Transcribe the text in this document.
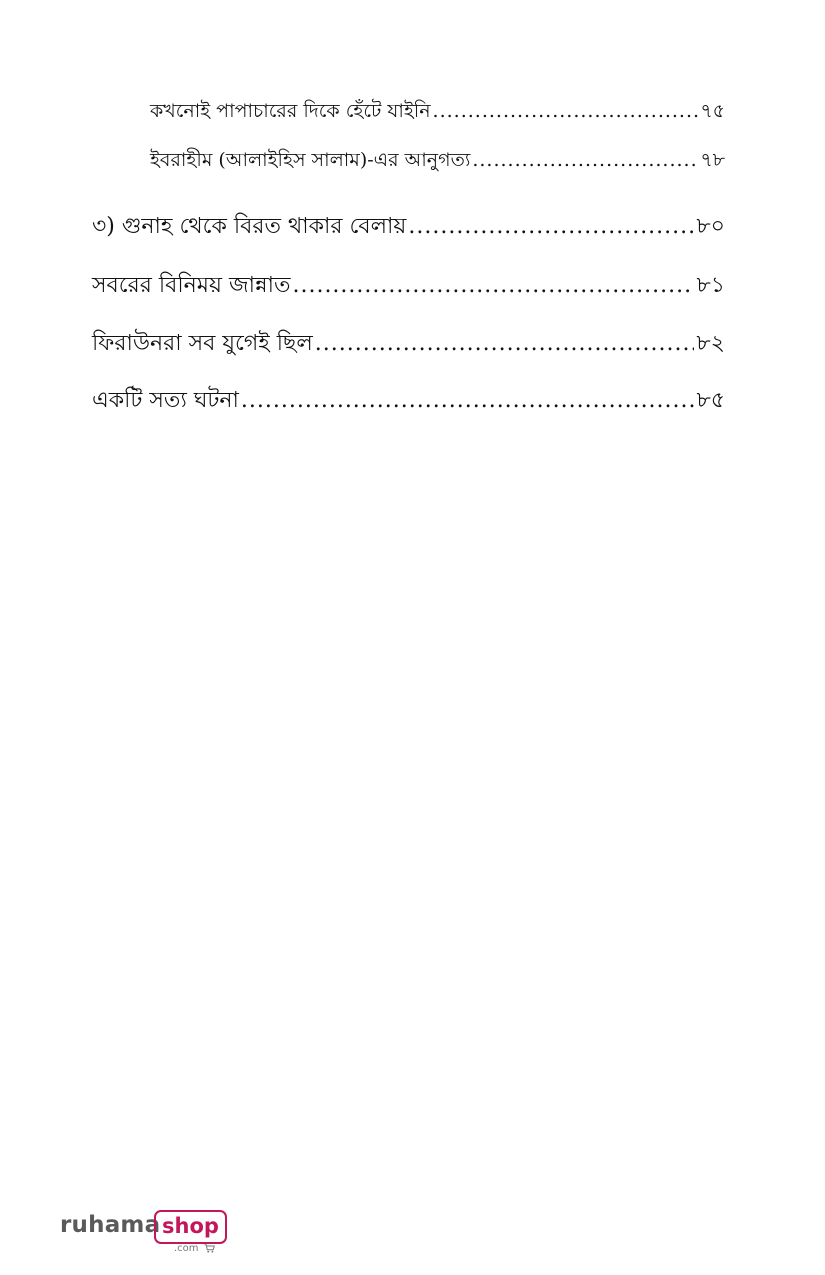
কখনোই পাপাচারের দিকে হেঁটে যাইনি .....	৭৫
ইবরাহীম (আলাইহিস সালাম)-এর আনুগত্য .....	৭৮
৩) গুনাহ থেকে বিরত থাকার বেলায় .....	৮০
সবরের বিনিময় জান্নাত .....	৮১
ফিরাউনরা সব যুগেই ছিল .....	৮২
একটি সত্য ঘটনা .....	৮৫
ruhama shop
.com
